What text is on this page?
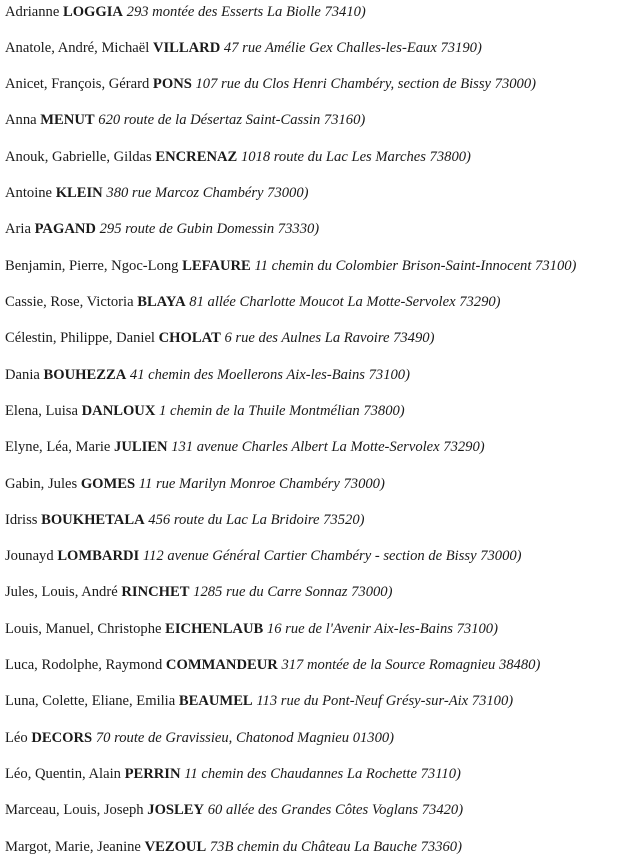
Adrianne LOGGIA 293 montée des Esserts La Biolle 73410)
Anatole, André, Michaël VILLARD 47 rue Amélie Gex Challes-les-Eaux 73190)
Anicet, François, Gérard PONS 107 rue du Clos Henri Chambéry, section de Bissy 73000)
Anna MENUT 620 route de la Désertaz Saint-Cassin 73160)
Anouk, Gabrielle, Gildas ENCRENAZ 1018 route du Lac Les Marches 73800)
Antoine KLEIN 380 rue Marcoz Chambéry 73000)
Aria PAGAND 295 route de Gubin Domessin 73330)
Benjamin, Pierre, Ngoc-Long LEFAURE 11 chemin du Colombier Brison-Saint-Innocent 73100)
Cassie, Rose, Victoria BLAYA 81 allée Charlotte Moucot La Motte-Servolex 73290)
Célestin, Philippe, Daniel CHOLAT 6 rue des Aulnes La Ravoire 73490)
Dania BOUHEZZA 41 chemin des Moellerons Aix-les-Bains 73100)
Elena, Luisa DANLOUX 1 chemin de la Thuile Montmélian 73800)
Elyne, Léa, Marie JULIEN 131 avenue Charles Albert La Motte-Servolex 73290)
Gabin, Jules GOMES 11 rue Marilyn Monroe Chambéry 73000)
Idriss BOUKHETALA 456 route du Lac La Bridoire 73520)
Jounayd LOMBARDI 112 avenue Général Cartier Chambéry - section de Bissy 73000)
Jules, Louis, André RINCHET 1285 rue du Carre Sonnaz 73000)
Louis, Manuel, Christophe EICHENLAUB 16 rue de l'Avenir Aix-les-Bains 73100)
Luca, Rodolphe, Raymond COMMANDEUR 317 montée de la Source Romagnieu 38480)
Luna, Colette, Eliane, Emilia BEAUMEL 113 rue du Pont-Neuf Grésy-sur-Aix 73100)
Léo DECORS 70 route de Gravissieu, Chatonod Magnieu 01300)
Léo, Quentin, Alain PERRIN 11 chemin des Chaudannes La Rochette 73110)
Marceau, Louis, Joseph JOSLEY 60 allée des Grandes Côtes Voglans 73420)
Margot, Marie, Jeanine VEZOUL 73B chemin du Château La Bauche 73360)
